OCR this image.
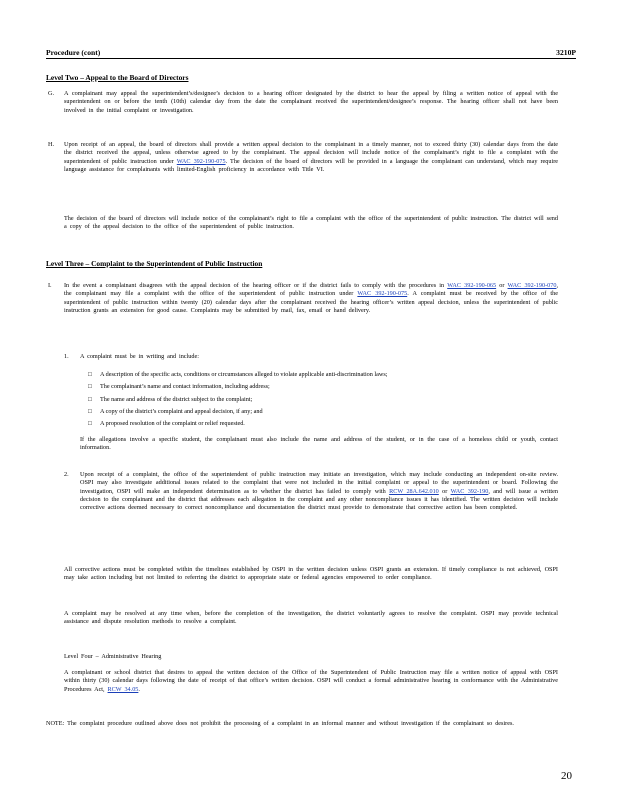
Procedure (cont)	3210P
Level Two – Appeal to the Board of Directors
G. A complainant may appeal the superintendent’s/designee’s decision to a hearing officer designated by the district to hear the appeal by filing a written notice of appeal with the superintendent on or before the tenth (10th) calendar day from the date the complainant received the superintendent/designee’s response. The hearing officer shall not have been involved in the initial complaint or investigation.
H. Upon receipt of an appeal, the board of directors shall provide a written appeal decision to the complainant in a timely manner, not to exceed thirty (30) calendar days from the date the district received the appeal, unless otherwise agreed to by the complainant. The appeal decision will include notice of the complainant’s right to file a complaint with the superintendent of public instruction under WAC 392-190-075. The decision of the board of directors will be provided in a language the complainant can understand, which may require language assistance for complainants with limited-English proficiency in accordance with Title VI.
The decision of the board of directors will include notice of the complainant’s right to file a complaint with the office of the superintendent of public instruction. The district will send a copy of the appeal decision to the office of the superintendent of public instruction.
Level Three – Complaint to the Superintendent of Public Instruction
I. In the event a complainant disagrees with the appeal decision of the hearing officer or if the district fails to comply with the procedures in WAC 392-190-065 or WAC 392-190-070, the complainant may file a complaint with the office of the superintendent of public instruction under WAC 392-190-075. A complaint must be received by the office of the superintendent of public instruction within twenty (20) calendar days after the complainant received the hearing officer’s written appeal decision, unless the superintendent of public instruction grants an extension for good cause. Complaints may be submitted by mail, fax, email or hand delivery.
1. A complaint must be in writing and include:
□ A description of the specific acts, conditions or circumstances alleged to violate applicable anti-discrimination laws;
□ The complainant’s name and contact information, including address;
□ The name and address of the district subject to the complaint;
□ A copy of the district’s complaint and appeal decision, if any; and
□ A proposed resolution of the complaint or relief requested.
If the allegations involve a specific student, the complainant must also include the name and address of the student, or in the case of a homeless child or youth, contact information.
2. Upon receipt of a complaint, the office of the superintendent of public instruction may initiate an investigation, which may include conducting an independent on-site review. OSPI may also investigate additional issues related to the complaint that were not included in the initial complaint or appeal to the superintendent or board. Following the investigation, OSPI will make an independent determination as to whether the district has failed to comply with RCW 28A.642.010 or WAC 392-190, and will issue a written decision to the complainant and the district that addresses each allegation in the complaint and any other noncompliance issues it has identified. The written decision will include corrective actions deemed necessary to correct noncompliance and documentation the district must provide to demonstrate that corrective action has been completed.
All corrective actions must be completed within the timelines established by OSPI in the written decision unless OSPI grants an extension. If timely compliance is not achieved, OSPI may take action including but not limited to referring the district to appropriate state or federal agencies empowered to order compliance.
A complaint may be resolved at any time when, before the completion of the investigation, the district voluntarily agrees to resolve the complaint. OSPI may provide technical assistance and dispute resolution methods to resolve a complaint.
Level Four – Administrative Hearing
A complainant or school district that desires to appeal the written decision of the Office of the Superintendent of Public Instruction may file a written notice of appeal with OSPI within thirty (30) calendar days following the date of receipt of that office’s written decision. OSPI will conduct a formal administrative hearing in conformance with the Administrative Procedures Act, RCW 34.05.
NOTE: The complaint procedure outlined above does not prohibit the processing of a complaint in an informal manner and without investigation if the complainant so desires.
20
